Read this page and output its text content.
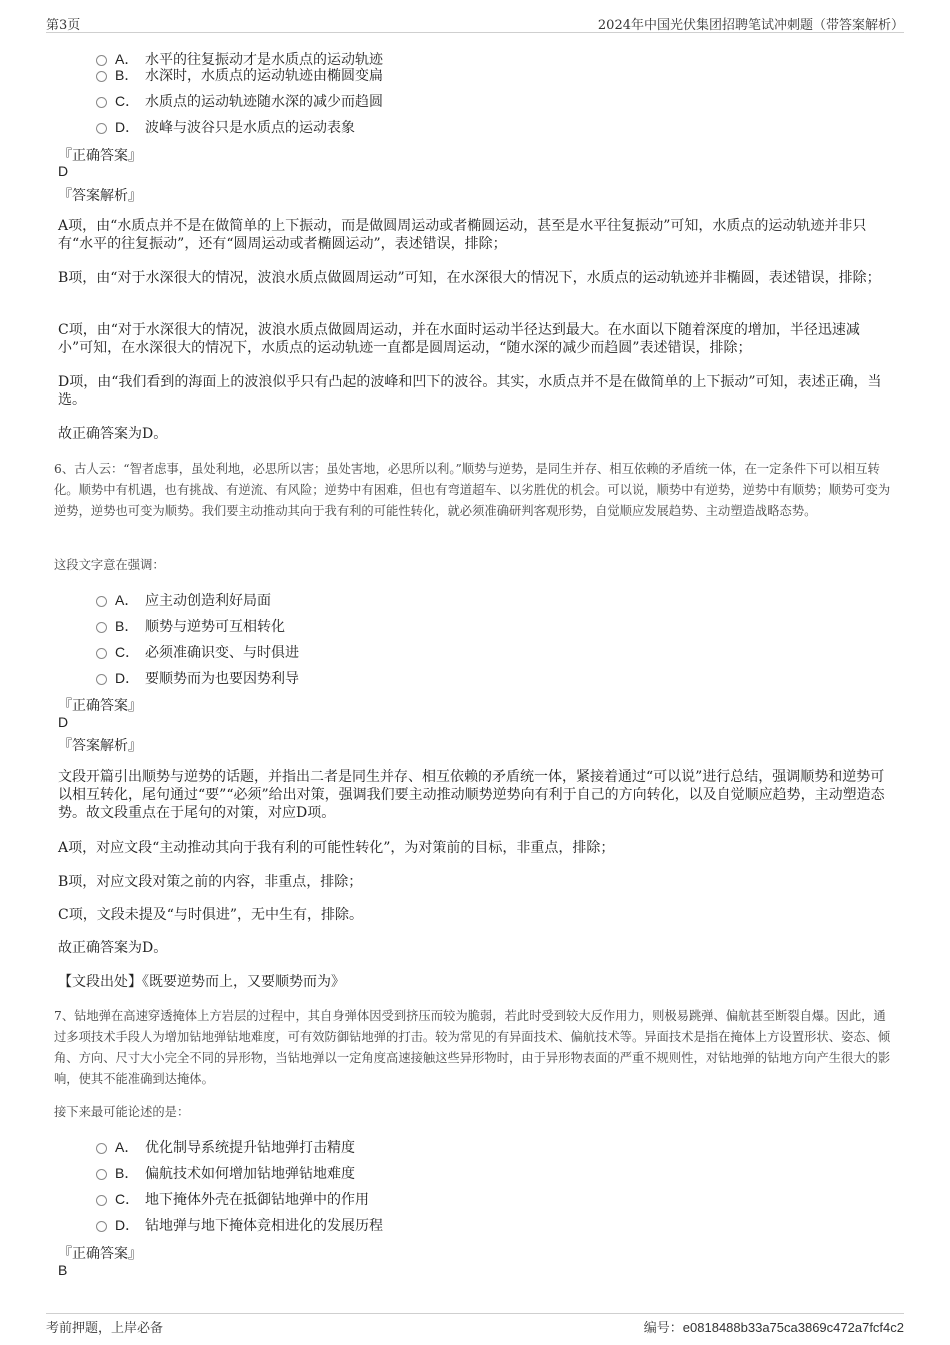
第3页	2024年中国光伏集团招聘笔试冲刺题（带答案解析）
A． 水平的往复振动才是水质点的运动轨迹
B． 水深时，水质点的运动轨迹由椭圆变扁
C． 水质点的运动轨迹随水深的减少而趋圆
D． 波峰与波谷只是水质点的运动表象
『正确答案』
D
『答案解析』
A项，由“水质点并不是在做简单的上下振动，而是做圆周运动或者椭圆运动，甚至是水平往复振动”可知，水质点的运动轨迹并非只有“水平的往复振动”，还有“圆周运动或者椭圆运动”，表述错误，排除；
B项，由“对于水深很大的情况，波浪水质点做圆周运动”可知，在水深很大的情况下，水质点的运动轨迹并非椭圆，表述错误，排除；
C项，由“对于水深很大的情况，波浪水质点做圆周运动，并在水面时运动半径达到最大。在水面以下随着深度的增加，半径迅速减小”可知，在水深很大的情况下，水质点的运动轨迹一直都是圆周运动，“随水深的减少而趋圆”表述错误，排除；
D项，由“我们看到的海面上的波浪似乎只有凸起的波峰和凹下的波谷。其实，水质点并不是在做简单的上下振动”可知，表述正确，当选。
故正确答案为D。
6、古人云：“智者虑事，虽处利地，必思所以害；虽处害地，必思所以利。”顺势与逆势，是同生并存、相互依赖的矛盾统一体，在一定条件下可以相互转化。顺势中有机遇，也有挑战、有逆流、有风险；逆势中有困难，但也有弯道超车、以劣胜优的机会。可以说，顺势中有逆势，逆势中有顺势；顺势可变为逆势，逆势也可变为顺势。我们要主动推动其向于我有利的可能性转化，就必须准确研判客观形势，自觉顺应发展趋势、主动塑造战略态势。
这段文字意在强调：
A． 应主动创造利好局面
B． 顺势与逆势可互相转化
C． 必须准确识变、与时俱进
D． 要顺势而为也要因势利导
『正确答案』
D
『答案解析』
文段开篇引出顺势与逆势的话题，并指出二者是同生并存、相互依赖的矛盾统一体，紧接着通过“可以说”进行总结，强调顺势和逆势可以相互转化，尾句通过“要”“必须”给出对策，强调我们要主动推动顺势逆势向有利于自己的方向转化，以及自觉顺应趋势，主动塑造态势。故文段重点在于尾句的对策，对应D项。
A项，对应文段“主动推动其向于我有利的可能性转化”，为对策前的目标，非重点，排除；
B项，对应文段对策之前的内容，非重点，排除；
C项，文段未提及“与时俱进”，无中生有，排除。
故正确答案为D。
【文段出处】《既要逆势而上，又要顺势而为》
7、钻地弹在高速穿透掩体上方岩层的过程中，其自身弹体因受到挤压而较为脆弱，若此时受到较大反作用力，则极易跳弹、偏航甚至断裂自爆。因此，通过多项技术手段人为增加钻地弹钻地难度，可有效防御钻地弹的打击。较为常见的有异面技术、偏航技术等。异面技术是指在掩体上方设置形状、姿态、倾角、方向、尺寸大小完全不同的异形物，当钻地弹以一定角度高速接触这些异形物时，由于异形物表面的严重不规则性，对钻地弹的钻地方向产生很大的影响，使其不能准确到达掩体。
接下来最可能论述的是：
A． 优化制导系统提升钻地弹打击精度
B． 偏航技术如何增加钻地弹钻地难度
C． 地下掩体外壳在抵御钻地弹中的作用
D． 钻地弹与地下掩体竞相进化的发展历程
『正确答案』
B
考前押题，上岸必备	编号：e0818488b33a75ca3869c472a7fcf4c2
